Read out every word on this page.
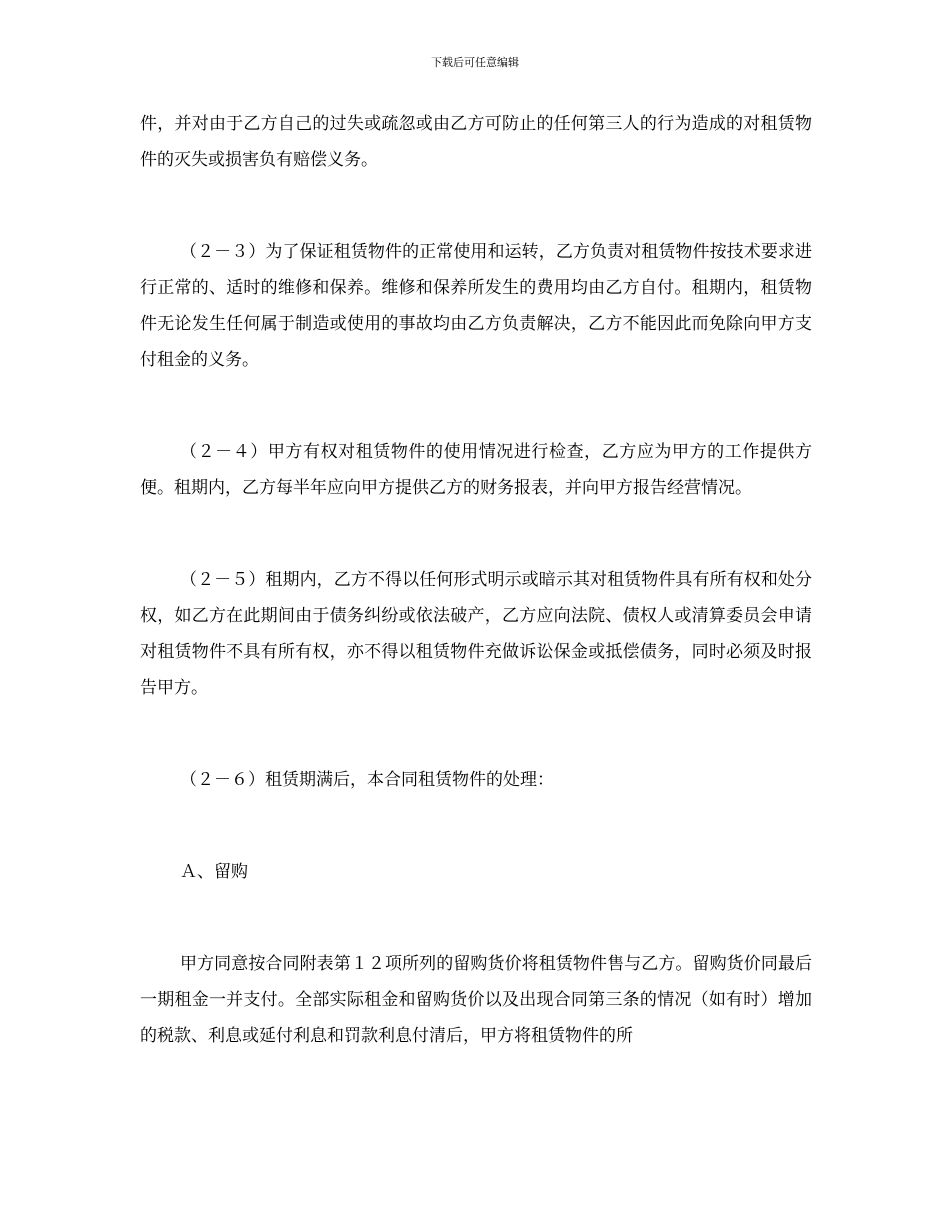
下载后可任意编辑

件，并对由于乙方自己的过失或疏忽或由乙方可防止的任何第三人的行为造成的对租赁物件的灭失或损害负有赔偿义务。

（２－３）为了保证租赁物件的正常使用和运转，乙方负责对租赁物件按技术要求进行正常的、适时的维修和保养。维修和保养所发生的费用均由乙方自付。租期内，租赁物件无论发生任何属于制造或使用的事故均由乙方负责解决，乙方不能因此而免除向甲方支付租金的义务。

（２－４）甲方有权对租赁物件的使用情况进行检查，乙方应为甲方的工作提供方便。租期内，乙方每半年应向甲方提供乙方的财务报表，并向甲方报告经营情况。

（２－５）租期内，乙方不得以任何形式明示或暗示其对租赁物件具有所有权和处分权，如乙方在此期间由于债务纠纷或依法破产，乙方应向法院、债权人或清算委员会申请对租赁物件不具有所有权，亦不得以租赁物件充做诉讼保金或抵偿债务，同时必须及时报告甲方。

（２－６）租赁期满后，本合同租赁物件的处理：

Ａ、留购

甲方同意按合同附表第１２项所列的留购货价将租赁物件售与乙方。留购货价同最后一期租金一并支付。全部实际租金和留购货价以及出现合同第三条的情况（如有时）增加的税款、利息或延付利息和罚款利息付清后，甲方将租赁物件的所
